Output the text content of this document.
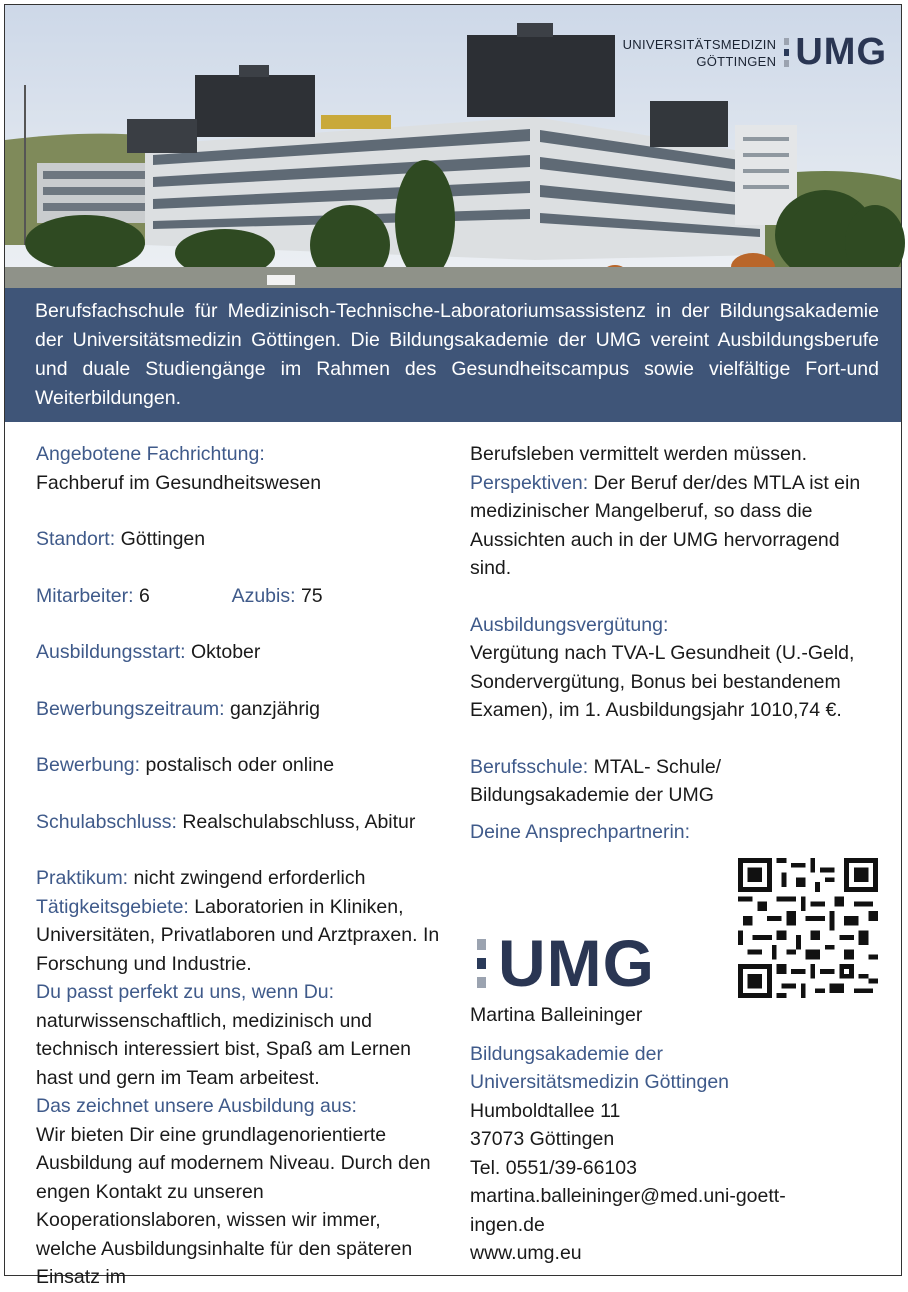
UNIVERSITÄTSMEDIZIN
GÖTTINGEN UMG
Berufsfachschule für Medizinisch-Technische-Laboratoriumsassistenz in der Bildungsakademie der Universitätsmedizin Göttingen. Die Bildungsakademie der UMG vereint Ausbildungsberufe und duale Studiengänge im Rahmen des Gesundheitscampus sowie vielfältige Fort-und Weiterbildungen.
Angebotene Fachrichtung:
Fachberuf im Gesundheitswesen
Standort: Göttingen
Mitarbeiter: 6	Azubis: 75
Ausbildungsstart: Oktober
Bewerbungszeitraum: ganzjährig
Bewerbung: postalisch oder online
Schulabschluss: Realschulabschluss, Abitur
Praktikum: nicht zwingend erforderlich
Tätigkeitsgebiete: Laboratorien in Kliniken, Universitäten, Privatlaboren und Arztpraxen. In Forschung und Industrie.
Du passt perfekt zu uns, wenn Du:
naturwissenschaftlich, medizinisch und technisch interessiert bist, Spaß am Lernen hast und gern im Team arbeitest.
Das zeichnet unsere Ausbildung aus:
Wir bieten Dir eine grundlagenorientierte Ausbildung auf modernem Niveau. Durch den engen Kontakt zu unseren Kooperationslaboren, wissen wir immer, welche Ausbildungsinhalte für den späteren Einsatz im
Berufsleben vermittelt werden müssen.
Perspektiven: Der Beruf der/des MTLA ist ein medizinischer Mangelberuf, so dass die Aussichten auch in der UMG hervorragend sind.
Ausbildungsvergütung:
Vergütung nach TVA-L Gesundheit (U.-Geld, Sondervergütung, Bonus bei bestandenem Examen), im 1. Ausbildungsjahr 1010,74 €.
Berufsschule: MTAL- Schule/ Bildungsakademie der UMG
Deine Ansprechpartnerin:
UMG
Martina Balleininger
Bildungsakademie der
Universitätsmedizin Göttingen
Humboldtallee 11
37073 Göttingen
Tel. 0551/39-66103
martina.balleininger@med.uni-goett-
ingen.de
www.umg.eu
